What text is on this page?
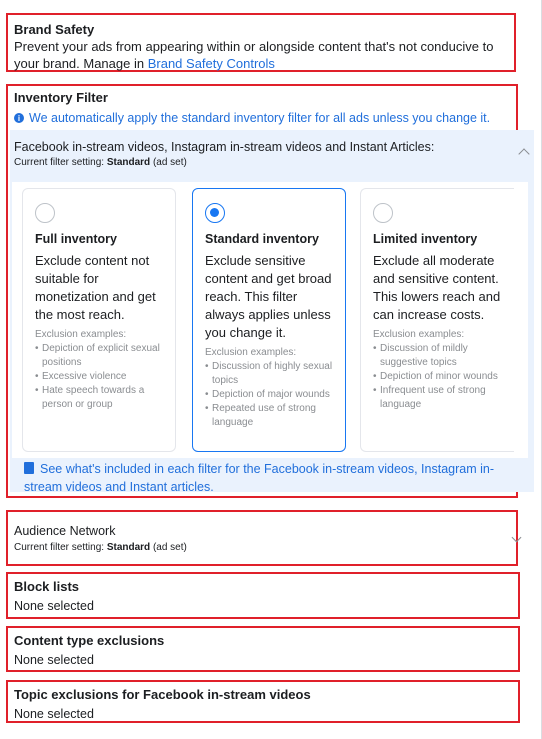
Brand Safety
Prevent your ads from appearing within or alongside content that's not conducive to your brand. Manage in Brand Safety Controls
Inventory Filter
i We automatically apply the standard inventory filter for all ads unless you change it.
Facebook in-stream videos, Instagram in-stream videos and Instant Articles:
Current filter setting: Standard (ad set)
Full inventory
Exclude content not suitable for monetization and get the most reach.
Exclusion examples:
• Depiction of explicit sexual positions
• Excessive violence
• Hate speech towards a person or group
Standard inventory
Exclude sensitive content and get broad reach. This filter always applies unless you change it.
Exclusion examples:
• Discussion of highly sexual topics
• Depiction of major wounds
• Repeated use of strong language
Limited inventory
Exclude all moderate and sensitive content. This lowers reach and can increase costs.
Exclusion examples:
• Discussion of mildly suggestive topics
• Depiction of minor wounds
• Infrequent use of strong language
See what's included in each filter for the Facebook in-stream videos, Instagram in-stream videos and Instant articles.
Audience Network
Current filter setting: Standard (ad set)
Block lists
None selected
Content type exclusions
None selected
Topic exclusions for Facebook in-stream videos
None selected
